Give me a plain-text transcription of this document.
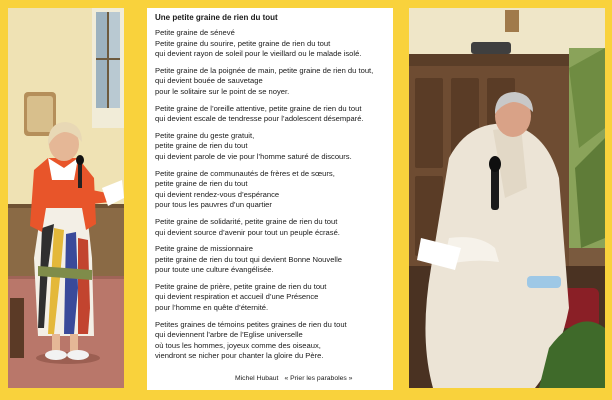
Une petite graine de rien du tout
Petite graine de sénevé
Petite graine du sourire, petite graine de rien du tout
qui devient rayon de soleil pour le vieillard ou le malade isolé.
Petite graine de la poignée de main, petite graine de rien du tout,
qui devient bouée de sauvetage
pour le solitaire sur le point de se noyer.
Petite graine de l’oreille attentive, petite graine de rien du tout
qui devient escale de tendresse pour l’adolescent désemparé.
Petite graine du geste gratuit,
petite graine de rien du tout
qui devient parole de vie pour l’homme saturé de discours.
Petite graine de communautés de frères et de sœurs,
petite graine de rien du tout
qui devient rendez-vous d’espérance
pour tous les pauvres d’un quartier
Petite graine de solidarité, petite graine de rien du tout
qui devient source d’avenir pour tout un peuple écrasé.
Petite graine de missionnaire
petite graine de rien du tout qui devient Bonne Nouvelle
pour toute une culture évangélisée.
Petite graine de prière, petite graine de rien du tout
qui devient respiration et accueil d’une Présence
pour l’homme en quête d’éternité.
Petites graines de témoins petites graines de rien du tout
qui deviennent l’arbre de l’Eglise universelle
où tous les hommes, joyeux comme des oiseaux,
viendront se nicher pour chanter la gloire du Père.
Michel Hubaut « Prier les paraboles »
